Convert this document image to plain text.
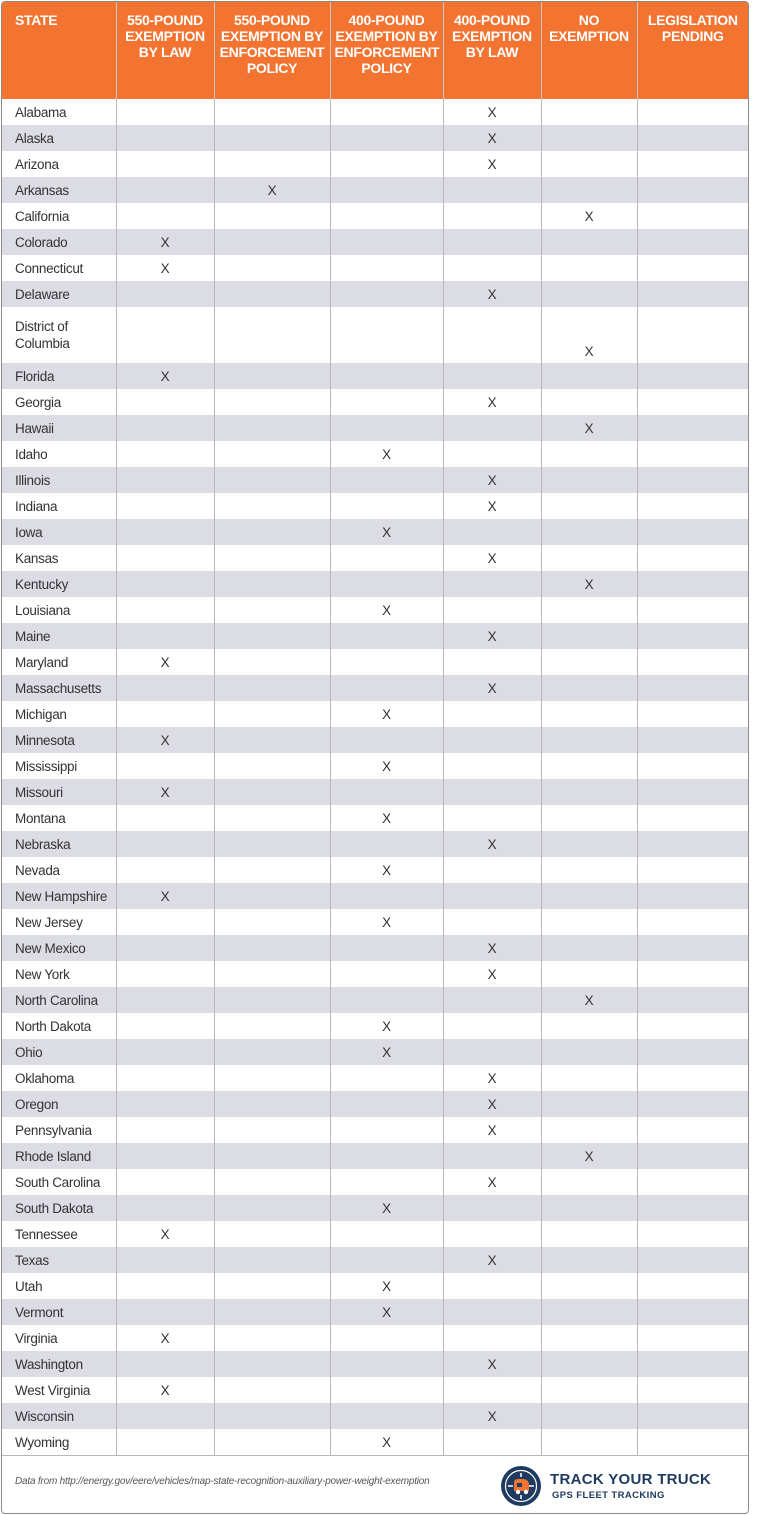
STATE	550-POUND
EXEMPTION
BY LAW	550-POUND
EXEMPTION BY
ENFORCEMENT
POLICY	400-POUND
EXEMPTION BY
ENFORCEMENT
POLICY	400-POUND
EXEMPTION
BY LAW	NO
EXEMPTION	LEGISLATION
PENDING
Alabama				X		
Alaska				X		
Arizona				X		
Arkansas		X				
California					X	
Colorado	X					
Connecticut	X					
Delaware				X		
District of
Columbia					X	
Florida	X					
Georgia				X		
Hawaii					X	
Idaho			X			
Illinois				X		
Indiana				X		
Iowa			X			
Kansas				X		
Kentucky					X	
Louisiana			X			
Maine				X		
Maryland	X					
Massachusetts				X		
Michigan			X			
Minnesota	X					
Mississippi			X			
Missouri	X					
Montana			X			
Nebraska				X		
Nevada			X			
New Hampshire	X					
New Jersey			X			
New Mexico				X		
New York				X		
North Carolina					X	
North Dakota			X			
Ohio			X			
Oklahoma				X		
Oregon				X		
Pennsylvania				X		
Rhode Island					X	
South Carolina				X		
South Dakota			X			
Tennessee	X					
Texas				X		
Utah			X			
Vermont			X			
Virginia	X					
Washington				X		
West Virginia	X					
Wisconsin				X		
Wyoming			X			
Data from http://energy.gov/eere/vehicles/map-state-recognition-auxiliary-power-weight-exemption	TRACK YOUR TRUCK
GPS FLEET TRACKING
